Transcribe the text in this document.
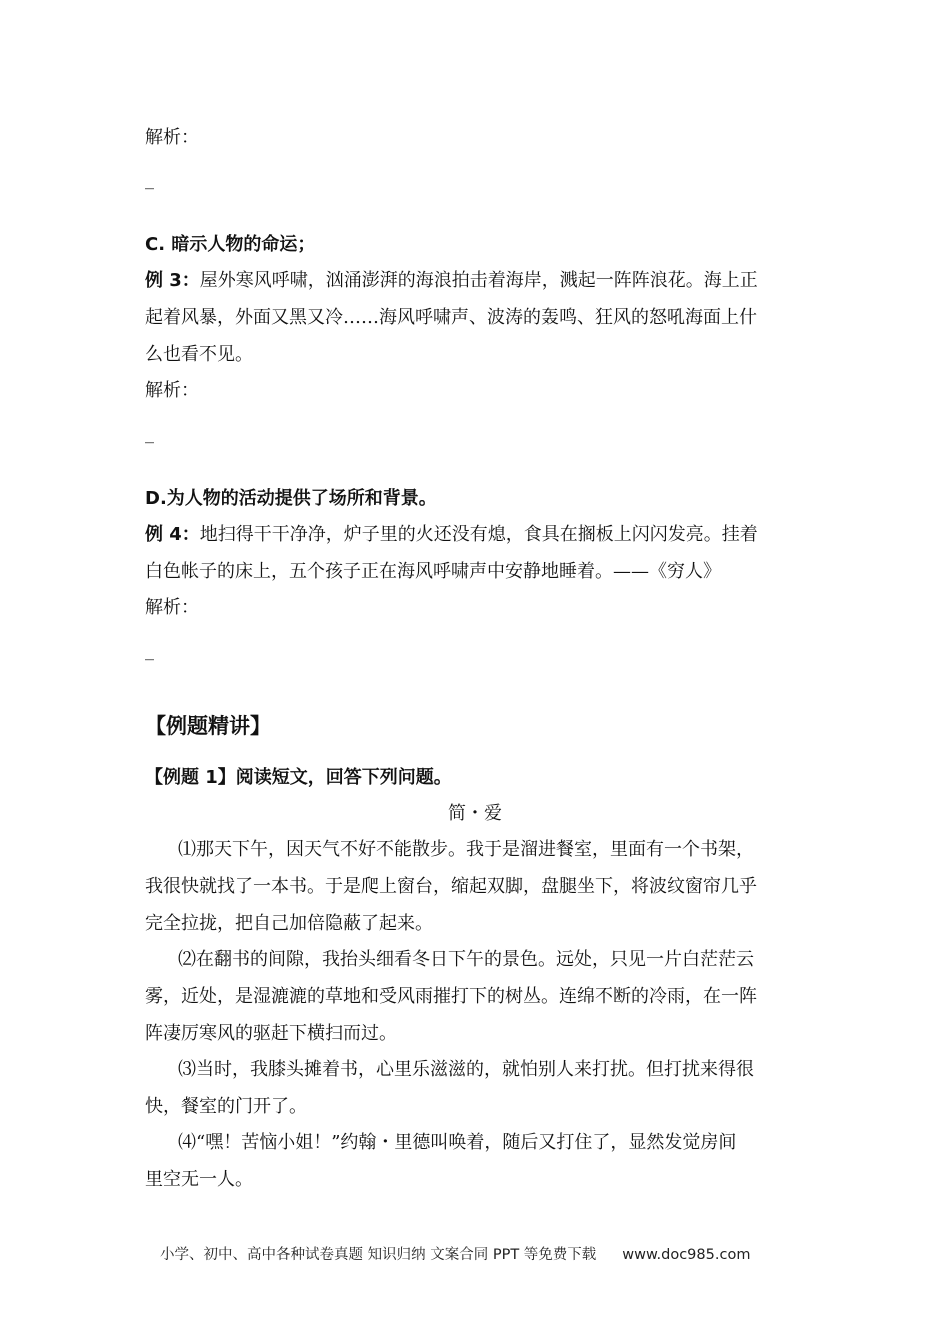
解析：
_
C. 暗示人物的命运；
例 3：屋外寒风呼啸，汹涌澎湃的海浪拍击着海岸，溅起一阵阵浪花。海上正
起着风暴，外面又黑又冷……海风呼啸声、波涛的轰鸣、狂风的怒吼海面上什
么也看不见。
解析：
_
D.为人物的活动提供了场所和背景。
例 4：地扫得干干净净，炉子里的火还没有熄，食具在搁板上闪闪发亮。挂着
白色帐子的床上，五个孩子正在海风呼啸声中安静地睡着。——《穷人》
解析：
_
【例题精讲】
【例题 1】阅读短文，回答下列问题。
简・爱
⑴那天下午，因天气不好不能散步。我于是溜进餐室，里面有一个书架，
我很快就找了一本书。于是爬上窗台，缩起双脚，盘腿坐下，将波纹窗帘几乎
完全拉拢，把自己加倍隐蔽了起来。
⑵在翻书的间隙，我抬头细看冬日下午的景色。远处，只见一片白茫茫云
雾，近处，是湿漉漉的草地和受风雨摧打下的树丛。连绵不断的冷雨，在一阵
阵凄厉寒风的驱赶下横扫而过。
⑶当时，我膝头摊着书，心里乐滋滋的，就怕别人来打扰。但打扰来得很
快，餐室的门开了。
⑷“嘿！苦恼小姐！”约翰・里德叫唤着，随后又打住了，显然发觉房间
里空无一人。
小学、初中、高中各种试卷真题 知识归纳 文案合同 PPT 等免费下载 www.doc985.com
